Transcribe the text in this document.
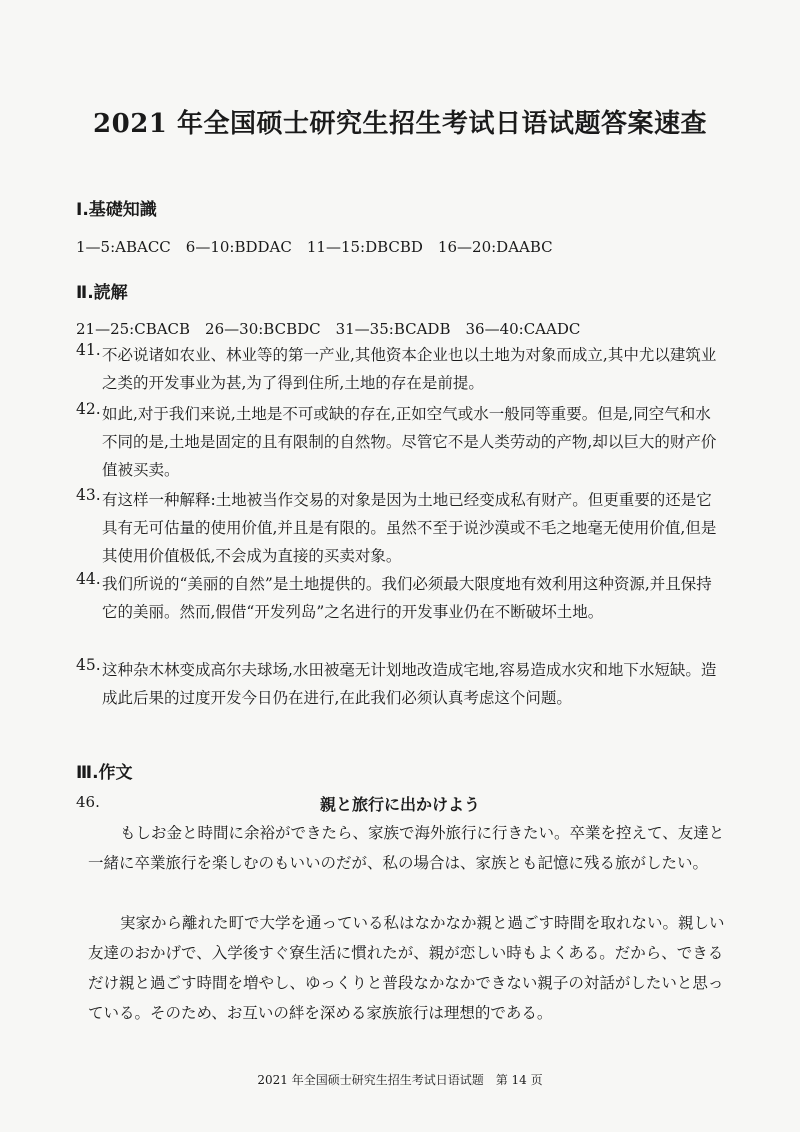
2021 年全国硕士研究生招生考试日语试题答案速查
Ⅰ.基礎知識
1—5:ABACC　6—10:BDDAC　11—15:DBCBD　16—20:DAABC
Ⅱ.読解
21—25:CBACB　26—30:BCBDC　31—35:BCADB　36—40:CAADC
41. 不必说诸如农业、林业等的第一产业,其他资本企业也以土地为对象而成立,其中尤以建筑业之类的开发事业为甚,为了得到住所,土地的存在是前提。
42. 如此,对于我们来说,土地是不可或缺的存在,正如空气或水一般同等重要。但是,同空气和水不同的是,土地是固定的且有限制的自然物。尽管它不是人类劳动的产物,却以巨大的财产价值被买卖。
43. 有这样一种解释:土地被当作交易的对象是因为土地已经变成私有财产。但更重要的还是它具有无可估量的使用价值,并且是有限的。虽然不至于说沙漠或不毛之地毫无使用价值,但是其使用价值极低,不会成为直接的买卖对象。
44. 我们所说的“美丽的自然”是土地提供的。我们必须最大限度地有效利用这种资源,并且保持它的美丽。然而,假借“开发列岛”之名进行的开发事业仍在不断破坏土地。
45. 这种杂木林变成高尔夫球场,水田被毫无计划地改造成宅地,容易造成水灾和地下水短缺。造成此后果的过度开发今日仍在进行,在此我们必须认真考虑这个问题。
Ⅲ.作文
46.	親と旅行に出かけよう
もしお金と時間に余裕ができたら、家族で海外旅行に行きたい。卒業を控えて、友達と一緒に卒業旅行を楽しむのもいいのだが、私の場合は、家族とも記憶に残る旅がしたい。
実家から離れた町で大学を通っている私はなかなか親と過ごす時間を取れない。親しい友達のおかげで、入学後すぐ寮生活に慣れたが、親が恋しい時もよくある。だから、できるだけ親と過ごす時間を増やし、ゆっくりと普段なかなかできない親子の対話がしたいと思っている。そのため、お互いの絆を深める家族旅行は理想的である。
2021 年全国硕士研究生招生考试日语试题　第 14 页
